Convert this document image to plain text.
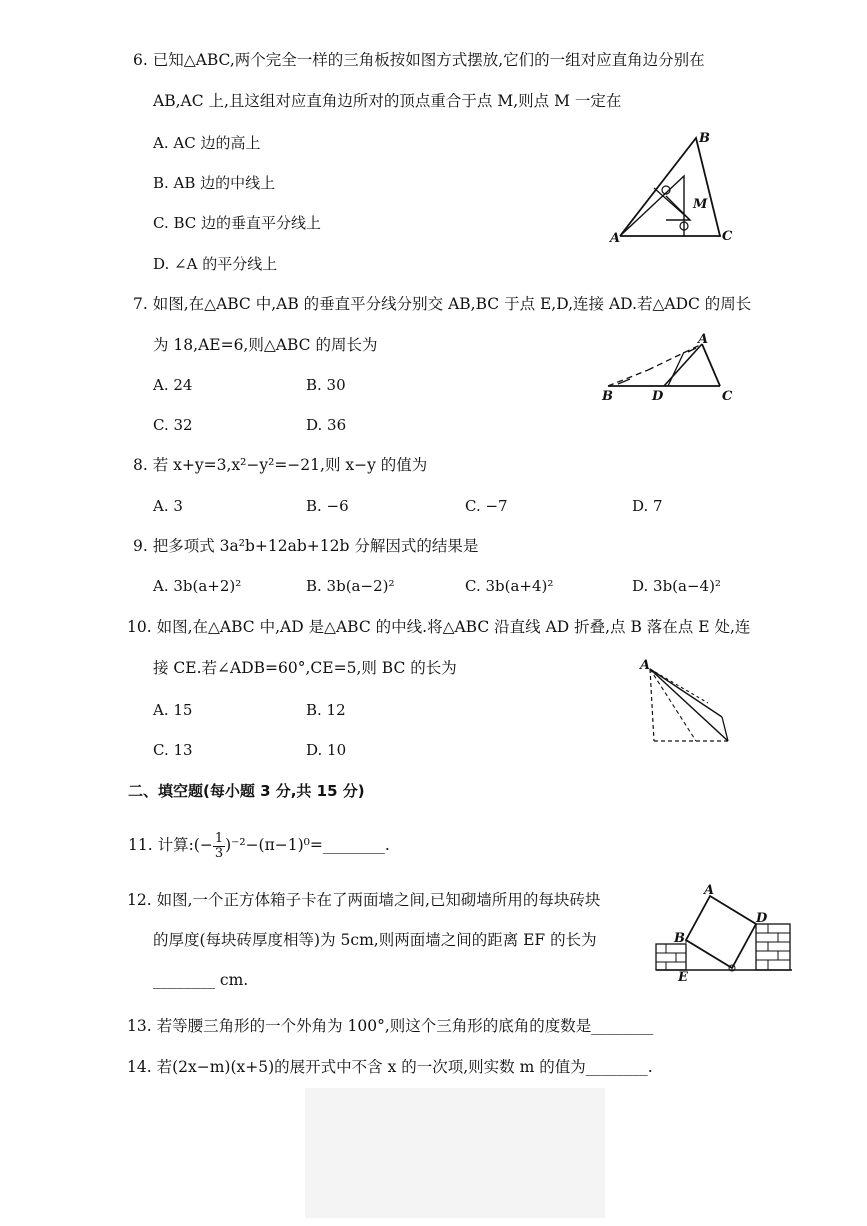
6. 已知△ABC,两个完全一样的三角板按如图方式摆放,它们的一组对应直角边分别在
AB,AC 上,且这组对应直角边所对的顶点重合于点 M,则点 M 一定在
A. AC 边的高上
B. AB 边的中线上
C. BC 边的垂直平分线上
D. ∠A 的平分线上
A
B
C
M
7. 如图,在△ABC 中,AB 的垂直平分线分别交 AB,BC 于点 E,D,连接 AD.若△ADC 的周长
为 18,AE=6,则△ABC 的周长为
A. 24	B. 30
C. 32	D. 36
B
A
D	C
8. 若 x+y=3,x²−y²=−21,则 x−y 的值为
A. 3	B. −6	C. −7	D. 7
9. 把多项式 3a²b+12ab+12b 分解因式的结果是
A. 3b(a+2)²	B. 3b(a−2)²	C. 3b(a+4)²	D. 3b(a−4)²
10. 如图,在△ABC 中,AD 是△ABC 的中线.将△ABC 沿直线 AD 折叠,点 B 落在点 E 处,连
接 CE.若∠ADB=60°,CE=5,则 BC 的长为
A. 15	B. 12
C. 13	D. 10
A
二、填空题(每小题 3 分,共 15 分)
11. 计算:(− $\frac{1}{3}$ )⁻²−(π−1)⁰=________.
12. 如图,一个正方体箱子卡在了两面墙之间,已知砌墙所用的每块砖块
的厚度(每块砖厚度相等)为 5cm,则两面墙之间的距离 EF 的长为
________ cm.
A
B
D
E
13. 若等腰三角形的一个外角为 100°,则这个三角形的底角的度数是________
14. 若(2x−m)(x+5)的展开式中不含 x 的一次项,则实数 m 的值为________.
